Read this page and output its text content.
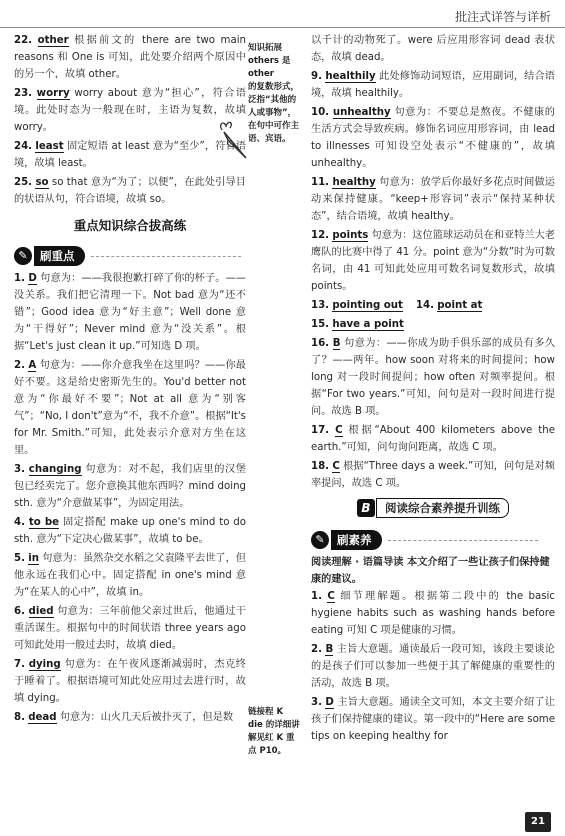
批注式详答与详析

22. other 根据前文的 there are two main reasons 和 One is 可知，此处要介绍两个原因中的另一个，故填 other。

23. worry worry about 意为“担心”，符合语境。此处时态为一般现在时，主语为复数，故填 worry。

24. least 固定短语 at least 意为“至少”，符合语境，故填 least。

25. so so that 意为“为了；以便”，在此处引导目的状语从句，符合语境，故填 so。

重点知识综合拔高练
✎	刷重点

1. D 句意为：——我很抱歉打碎了你的杯子。——没关系。我们把它清理一下。Not bad 意为“还不错”；Good idea 意为“好主意”；Well done 意为“干得好”；Never mind 意为“没关系”。根据“Let's just clean it up.”可知选 D 项。

2. A 句意为：——你介意我坐在这里吗？——你最好不要。这是给史密斯先生的。You'd better not 意为“你最好不要”；Not at all 意为“别客气”；“No, I don't”意为“不，我不介意”。根据“It's for Mr. Smith.”可知，此处表示介意对方坐在这里。

3. changing 句意为：对不起，我们店里的汉堡包已经卖完了。您介意换其他东西吗？mind doing sth. 意为“介意做某事”，为固定用法。

4. to be 固定搭配 make up one's mind to do sth. 意为“下定决心做某事”，故填 to be。

5. in 句意为：虽然杂交水稻之父袁隆平去世了，但他永远在我们心中。固定搭配 in one's mind 意为“在某人的心中”，故填 in。

6. died 句意为：三年前他父亲过世后，他通过干重活谋生。根据句中的时间状语 three years ago 可知此处用一般过去时，故填 died。

7. dying 句意为：在午夜风逐渐减弱时，杰克终于睡着了。根据语境可知此处应用过去进行时，故填 dying。

8. dead 句意为：山火几天后被扑灭了，但是数

知识拓展
others 是 other
的复数形式，
泛指“其他的
人或事物”，
在句中可作主
语、宾语。
链接程 K
die 的详细讲
解见红 K 重
点 P10。

以千计的动物死了。were 后应用形容词 dead 表状态，故填 dead。

9. healthily 此处修饰动词短语，应用副词，结合语境，故填 healthily。

10. unhealthy 句意为：不要总是熬夜。不健康的生活方式会导致疾病。修饰名词应用形容词，由 lead to illnesses 可知设空处表示“不健康的”，故填 unhealthy。

11. healthy 句意为：放学后你最好多花点时间做运动来保持健康。“keep+形容词”表示“保持某种状态”，结合语境，故填 healthy。

12. points 句意为：这位篮球运动员在和亚特兰大老鹰队的比赛中得了 41 分。point 意为“分数”时为可数名词，由 41 可知此处应用可数名词复数形式，故填 points。

13. pointing out 14. point at

15. have a point

16. B 句意为：——你成为助手俱乐部的成员有多久了？——两年。how soon 对将来的时间提问；how long 对一段时间提问；how often 对频率提问。根据“For two years.”可知，问句是对一段时间进行提问。故选 B 项。

17. C 根据“About 400 kilometers above the earth.”可知，问句询问距离，故选 C 项。

18. C 根据“Three days a week.”可知，问句是对频率提问，故选 C 项。

B	阅读综合素养提升训练
✎	刷素养
阅读理解 · 语篇导读 本文介绍了一些让孩子们保持健康的建议。

1. C 细节理解题。根据第二段中的 the basic hygiene habits such as washing hands before eating 可知 C 项是健康的习惯。

2. B 主旨大意题。通读最后一段可知，该段主要谈论的是孩子们可以参加一些便于其了解健康的重要性的活动，故选 B 项。

3. D 主旨大意题。通读全文可知，本文主要介绍了让孩子们保持健康的建议。第一段中的“Here are some tips on keeping healthy for

21
